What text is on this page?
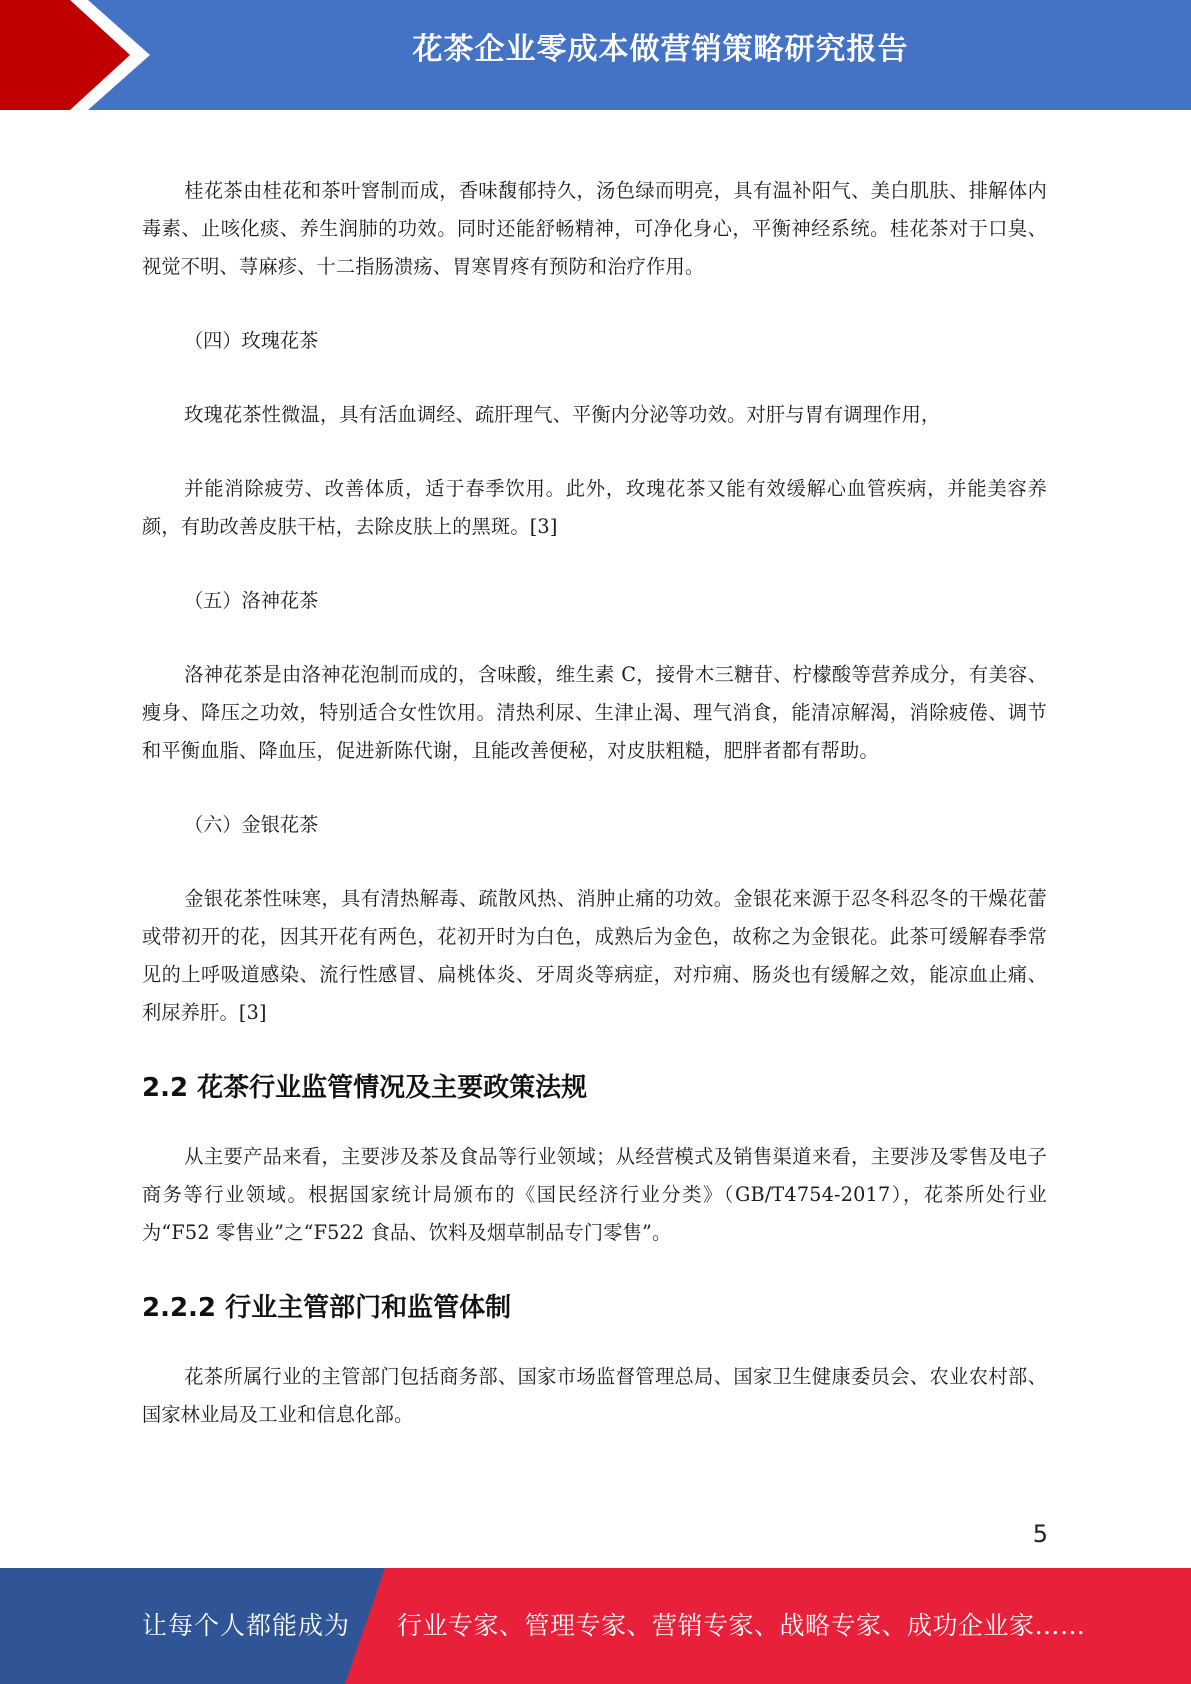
花茶企业零成本做营销策略研究报告

桂花茶由桂花和茶叶窨制而成，香味馥郁持久，汤色绿而明亮，具有温补阳气、美白肌肤、排解体内毒素、止咳化痰、养生润肺的功效。同时还能舒畅精神，可净化身心，平衡神经系统。桂花茶对于口臭、视觉不明、荨麻疹、十二指肠溃疡、胃寒胃疼有预防和治疗作用。

（四）玫瑰花茶

玫瑰花茶性微温，具有活血调经、疏肝理气、平衡内分泌等功效。对肝与胃有调理作用，

并能消除疲劳、改善体质，适于春季饮用。此外，玫瑰花茶又能有效缓解心血管疾病，并能美容养颜，有助改善皮肤干枯，去除皮肤上的黑斑。[3]

（五）洛神花茶

洛神花茶是由洛神花泡制而成的，含味酸，维生素 C，接骨木三糖苷、柠檬酸等营养成分，有美容、瘦身、降压之功效，特别适合女性饮用。清热利尿、生津止渴、理气消食，能清凉解渴，消除疲倦、调节和平衡血脂、降血压，促进新陈代谢，且能改善便秘，对皮肤粗糙，肥胖者都有帮助。

（六）金银花茶

金银花茶性味寒，具有清热解毒、疏散风热、消肿止痛的功效。金银花来源于忍冬科忍冬的干燥花蕾或带初开的花，因其开花有两色，花初开时为白色，成熟后为金色，故称之为金银花。此茶可缓解春季常见的上呼吸道感染、流行性感冒、扁桃体炎、牙周炎等病症，对疖痈、肠炎也有缓解之效，能凉血止痛、利尿养肝。[3]

2.2 花茶行业监管情况及主要政策法规

从主要产品来看，主要涉及茶及食品等行业领域；从经营模式及销售渠道来看，主要涉及零售及电子商务等行业领域。根据国家统计局颁布的《国民经济行业分类》（GB/T4754-2017），花茶所处行业为“F52 零售业”之“F522 食品、饮料及烟草制品专门零售”。

2.2.2 行业主管部门和监管体制

花茶所属行业的主管部门包括商务部、国家市场监督管理总局、国家卫生健康委员会、农业农村部、国家林业局及工业和信息化部。

5
让每个人都能成为 行业专家、管理专家、营销专家、战略专家、成功企业家……
